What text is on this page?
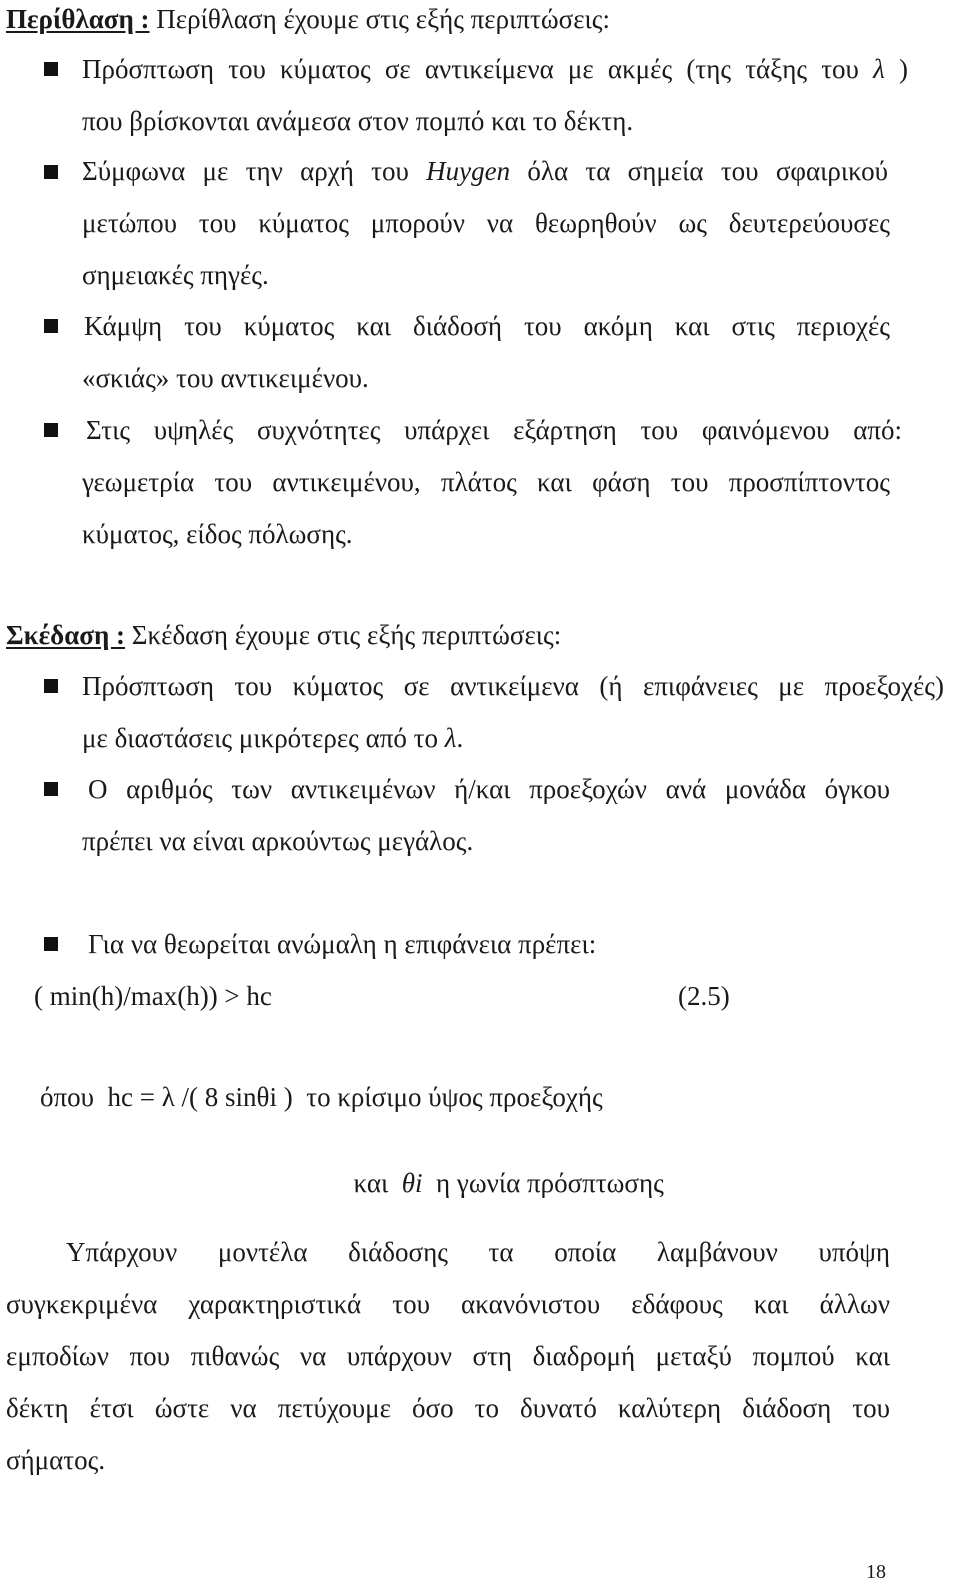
Περίθλαση : Περίθλαση έχουμε στις εξής περιπτώσεις:
Πρόσπτωση του κύματος σε αντικείμενα με ακμές (της τάξης του λ )
που βρίσκονται ανάμεσα στον πομπό και το δέκτη.
Σύμφωνα με την αρχή του Huygen όλα τα σημεία του σφαιρικού
μετώπου του κύματος μπορούν να θεωρηθούν ως δευτερεύουσες
σημειακές πηγές.
Κάμψη του κύματος και διάδοσή του ακόμη και στις περιοχές
«σκιάς» του αντικειμένου.
Στις υψηλές συχνότητες υπάρχει εξάρτηση του φαινόμενου από:
γεωμετρία του αντικειμένου, πλάτος και φάση του προσπίπτοντος
κύματος, είδος πόλωσης.
Σκέδαση : Σκέδαση έχουμε στις εξής περιπτώσεις:
Πρόσπτωση του κύματος σε αντικείμενα (ή επιφάνειες με προεξοχές)
με διαστάσεις μικρότερες από το λ.
Ο αριθμός των αντικειμένων ή/και προεξοχών ανά μονάδα όγκου
πρέπει να είναι αρκούντως μεγάλος.
Για να θεωρείται ανώμαλη η επιφάνεια πρέπει:
( min(h)/max(h)) > hc	(2.5)
όπου  hc = λ /( 8 sinθi )  το κρίσιμο ύψος προεξοχής

και  θi  η γωνία πρόσπτωσης

Υπάρχουν μοντέλα διάδοσης τα οποία λαμβάνουν υπόψη
συγκεκριμένα χαρακτηριστικά του ακανόνιστου εδάφους και άλλων
εμποδίων που πιθανώς να υπάρχουν στη διαδρομή μεταξύ πομπού και
δέκτη έτσι ώστε να πετύχουμε όσο το δυνατό καλύτερη διάδοση του
σήματος.
18
